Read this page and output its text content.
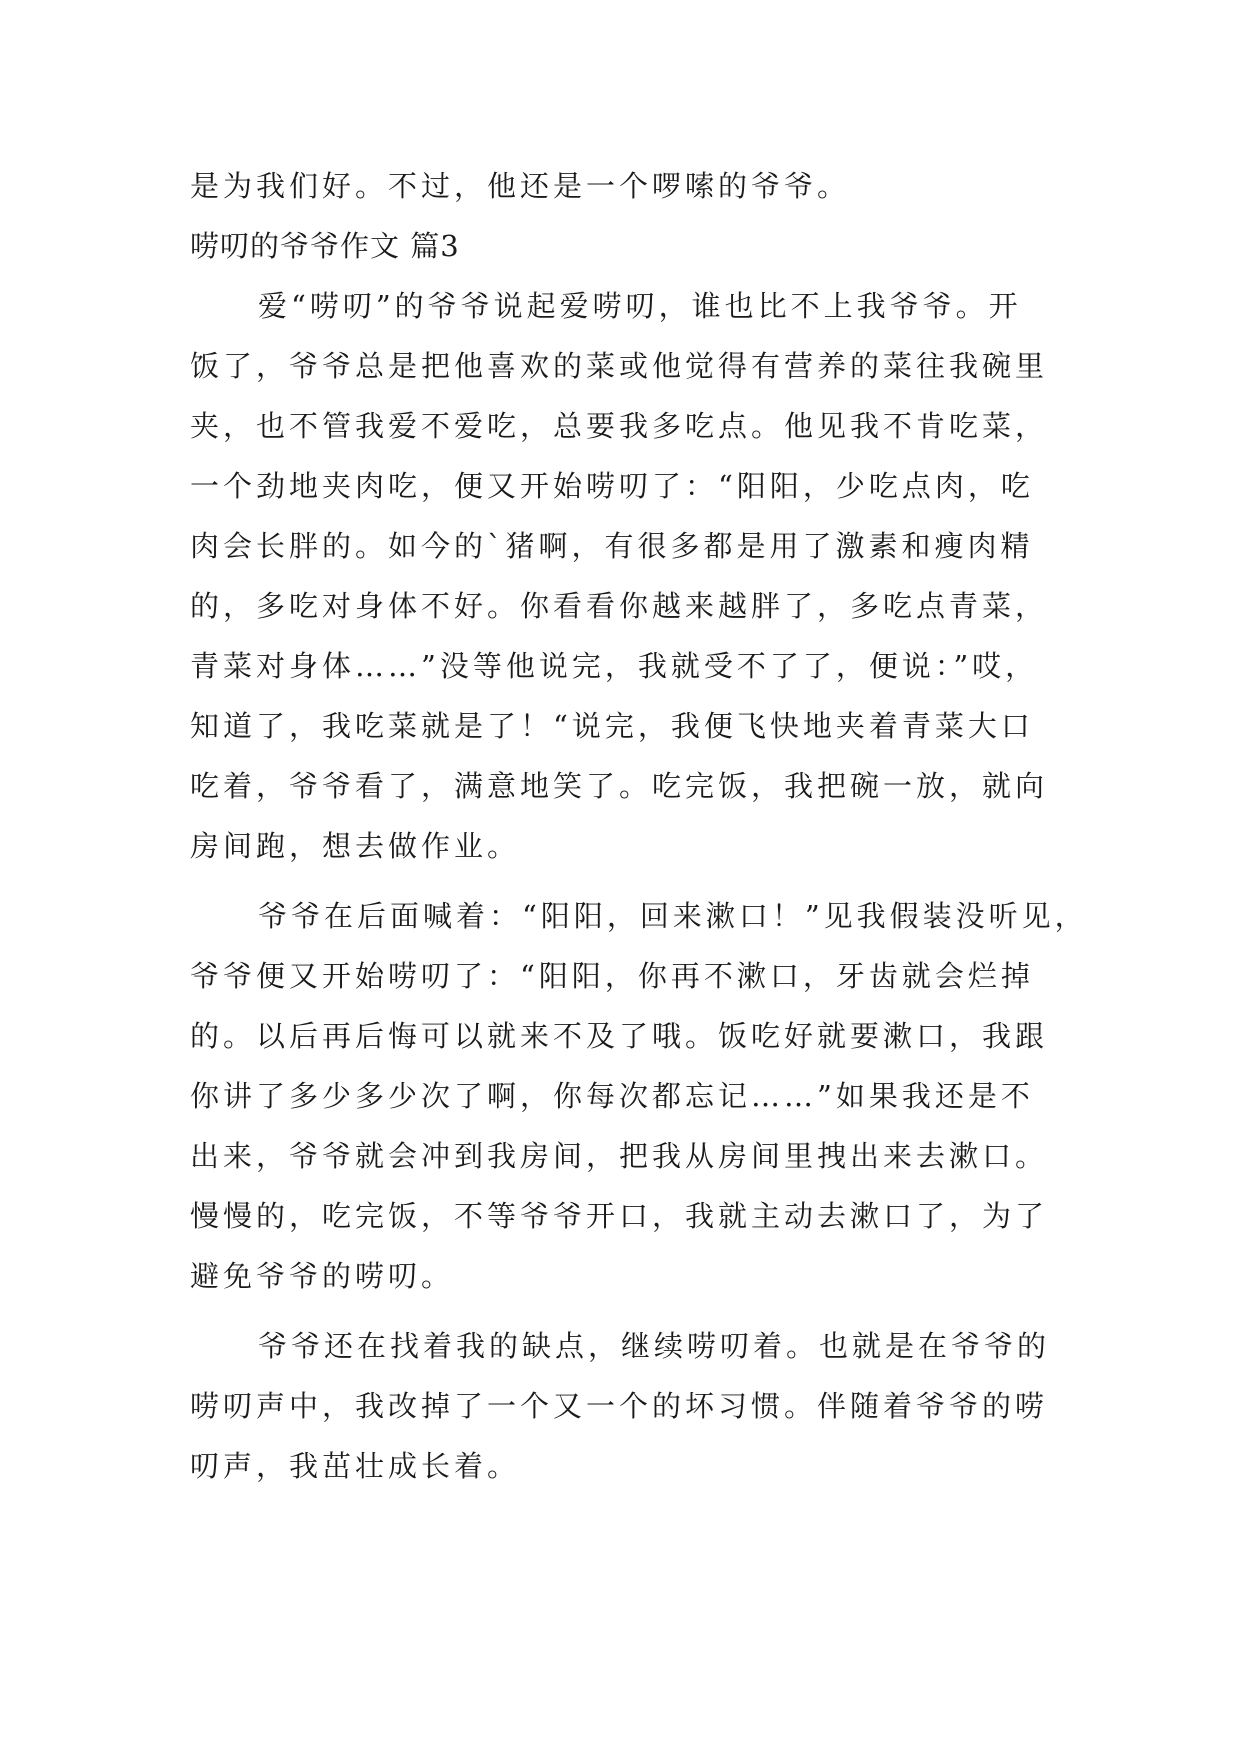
是为我们好。不过，他还是一个啰嗦的爷爷。
唠叨的爷爷作文 篇3
爱“唠叨”的爷爷说起爱唠叨，谁也比不上我爷爷。开
饭了，爷爷总是把他喜欢的菜或他觉得有营养的菜往我碗里
夹，也不管我爱不爱吃，总要我多吃点。他见我不肯吃菜，
一个劲地夹肉吃，便又开始唠叨了：“阳阳，少吃点肉，吃
肉会长胖的。如今的`猪啊，有很多都是用了激素和瘦肉精
的，多吃对身体不好。你看看你越来越胖了，多吃点青菜，
青菜对身体……”没等他说完，我就受不了了，便说：”哎，
知道了，我吃菜就是了！“说完，我便飞快地夹着青菜大口
吃着，爷爷看了，满意地笑了。吃完饭，我把碗一放，就向
房间跑，想去做作业。
爷爷在后面喊着：“阳阳，回来漱口！”见我假装没听见，
爷爷便又开始唠叨了：“阳阳，你再不漱口，牙齿就会烂掉
的。以后再后悔可以就来不及了哦。饭吃好就要漱口，我跟
你讲了多少多少次了啊，你每次都忘记……”如果我还是不
出来，爷爷就会冲到我房间，把我从房间里拽出来去漱口。
慢慢的，吃完饭，不等爷爷开口，我就主动去漱口了，为了
避免爷爷的唠叨。
爷爷还在找着我的缺点，继续唠叨着。也就是在爷爷的
唠叨声中，我改掉了一个又一个的坏习惯。伴随着爷爷的唠
叨声，我茁壮成长着。
